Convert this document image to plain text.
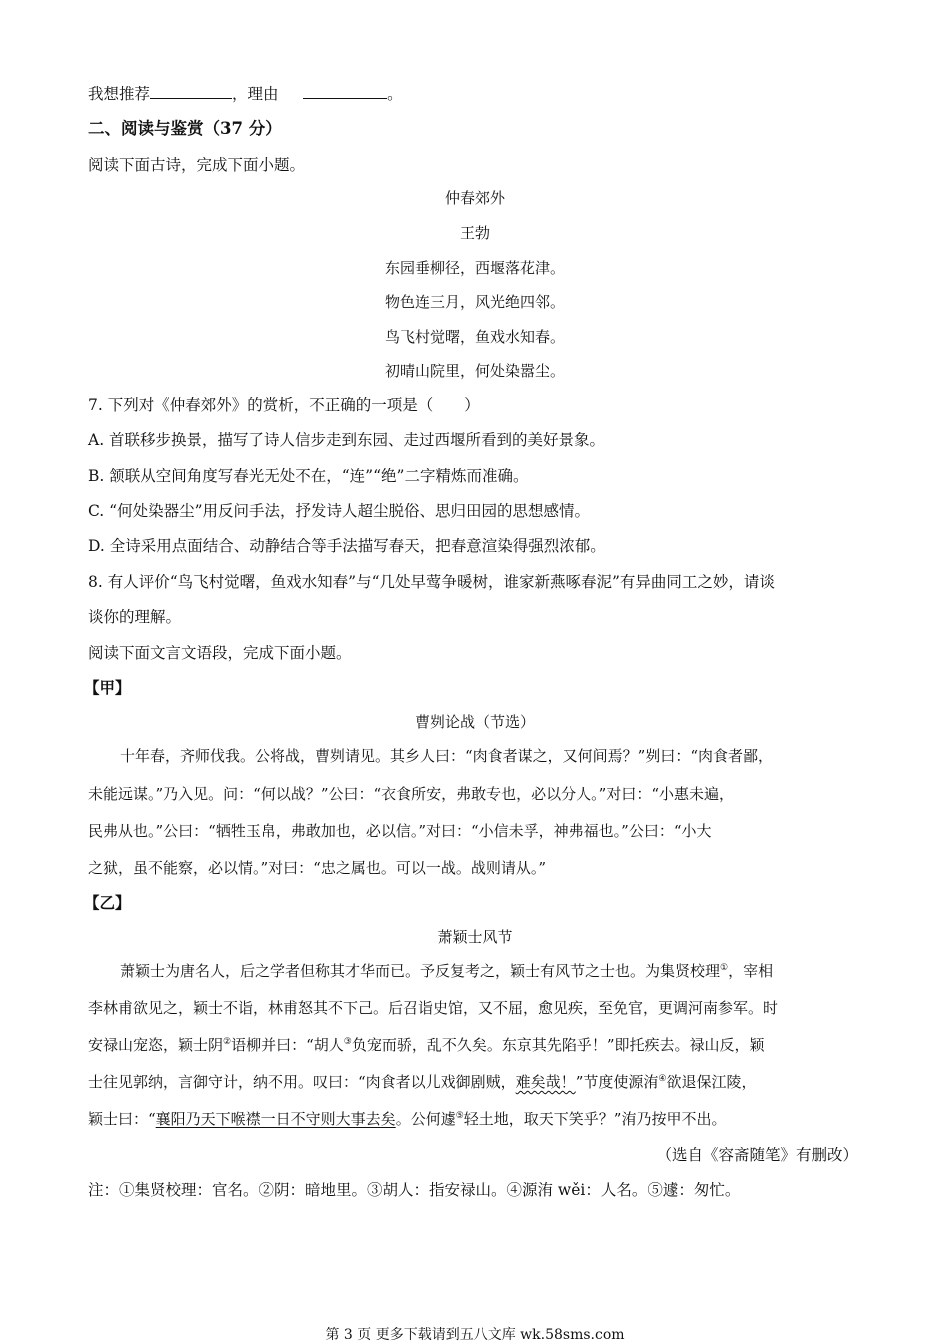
我想推荐	，理由	。
二、阅读与鉴赏（37 分）
阅读下面古诗，完成下面小题。
仲春郊外
王勃
东园垂柳径，西堰落花津。
物色连三月，风光绝四邻。
鸟飞村觉曙，鱼戏水知春。
初晴山院里，何处染嚣尘。
7. 下列对《仲春郊外》的赏析，不正确的一项是（　　）
A. 首联移步换景，描写了诗人信步走到东园、走过西堰所看到的美好景象。
B. 颔联从空间角度写春光无处不在，“连”“绝”二字精炼而准确。
C. “何处染器尘”用反问手法，抒发诗人超尘脱俗、思归田园的思想感情。
D. 全诗采用点面结合、动静结合等手法描写春天，把春意渲染得强烈浓郁。
8. 有人评价“鸟飞村觉曙，鱼戏水知春”与“几处早莺争暖树，谁家新燕啄春泥”有异曲同工之妙，请谈
谈你的理解。
阅读下面文言文语段，完成下面小题。
【甲】
曹刿论战（节选）
十年春，齐师伐我。公将战，曹刿请见。其乡人曰：“肉食者谋之，又何间焉？”刿曰：“肉食者鄙，
未能远谋。”乃入见。问：“何以战？”公曰：“衣食所安，弗敢专也，必以分人。”对曰：“小惠未遍，
民弗从也。”公曰：“牺牲玉帛，弗敢加也，必以信。”对曰：“小信未孚，神弗福也。”公曰：“小大
之狱，虽不能察，必以情。”对曰：“忠之属也。可以一战。战则请从。”
【乙】
萧颖士风节
萧颖士为唐名人，后之学者但称其才华而已。予反复考之，颖士有风节之士也。为集贤校理①，宰相
李林甫欲见之，颖士不诣，林甫怒其不下己。后召诣史馆，又不屈，愈见疾，至免官，更调河南参军。时
安禄山宠恣，颖士阴②语柳并曰：“胡人③负宠而骄，乱不久矣。东京其先陷乎！”即托疾去。禄山反，颖
士往见郭纳，言御守计，纳不用。叹曰：“肉食者以儿戏御剧贼，难矣哉！”节度使源洧④欲退保江陵，
颖士曰：“襄阳乃天下喉襟一日不守则大事去矣。公何遽⑤轻土地，取天下笑乎？”洧乃按甲不出。
（选自《容斋随笔》有删改）
注：①集贤校理：官名。②阴：暗地里。③胡人：指安禄山。④源洧 wěi：人名。⑤遽：匆忙。
第 3 页 更多下载请到五八文库 wk.58sms.com
